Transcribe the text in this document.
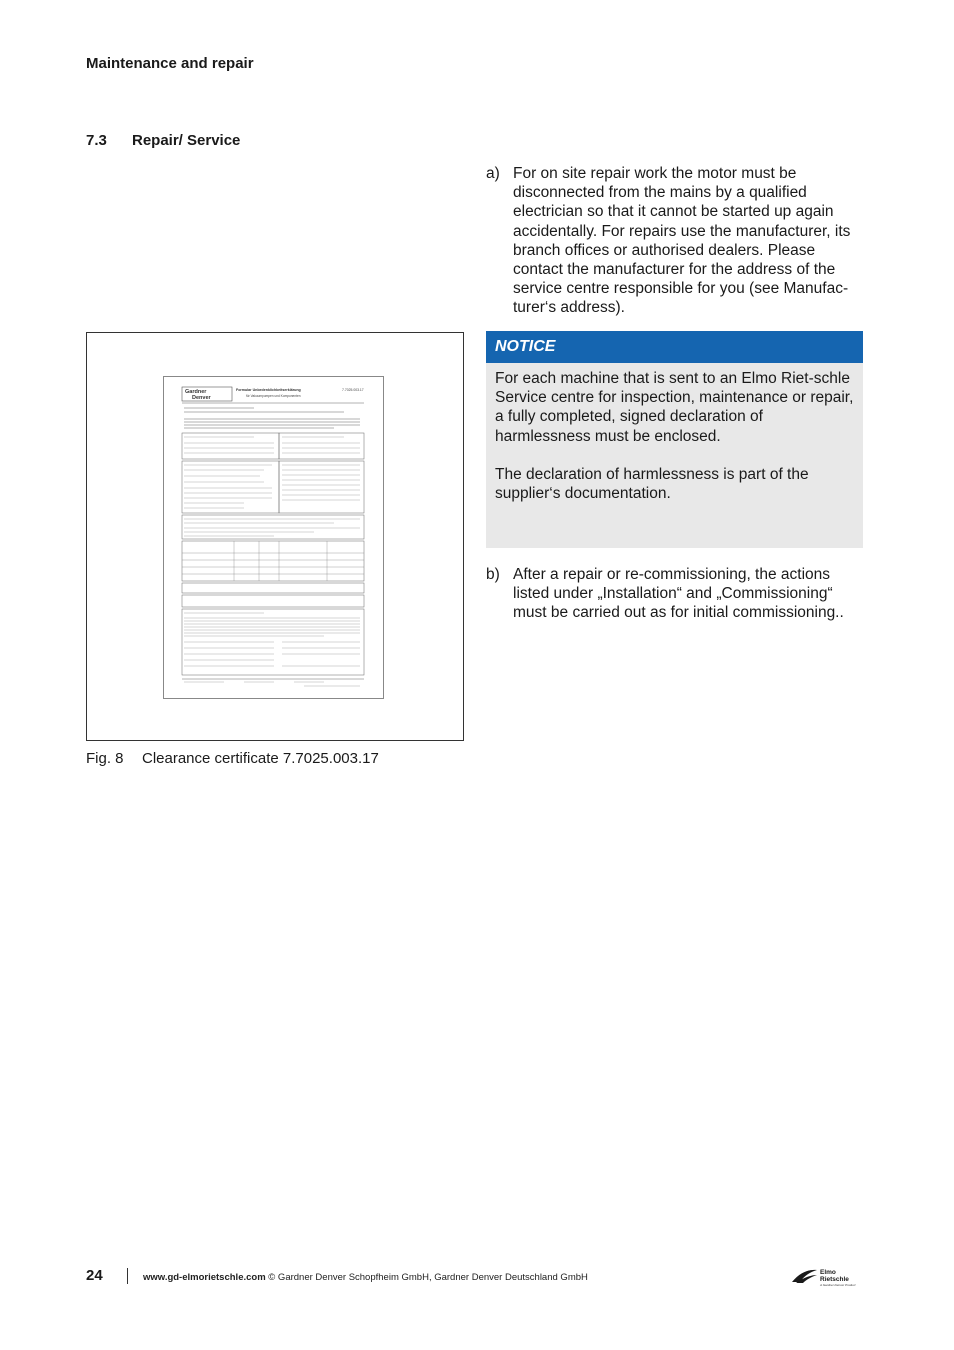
Maintenance and repair
7.3 Repair/ Service
a) For on site repair work the motor must be disconnected from the mains by a qualified electrician so that it cannot be started up again accidentally. For repairs use the manufacturer, its branch offices or authorised dealers. Please contact the manufacturer for the address of the service centre responsible for you (see Manufac-turer‘s address).
NOTICE

For each machine that is sent to an Elmo Riet-schle Service centre for inspection, maintenance or repair, a fully completed, signed declaration of harmlessness must be enclosed.

The declaration of harmlessness is part of the supplier‘s documentation.

b) After a repair or re-commissioning, the actions listed under „Installation“ and „Commissioning“ must be carried out as for initial commissioning..
Gardner
Denver
Formular Unbedenklichkeitserklärung
für Vakuumpumpen und Komponenten
7.7025.003.17
Fig. 8 Clearance certificate 7.7025.003.17
24	www.gd-elmorietschle.com © Gardner Denver Schopfheim GmbH, Gardner Denver Deutschland GmbH	Elmo
Rietschle
A Gardner Denver Product
